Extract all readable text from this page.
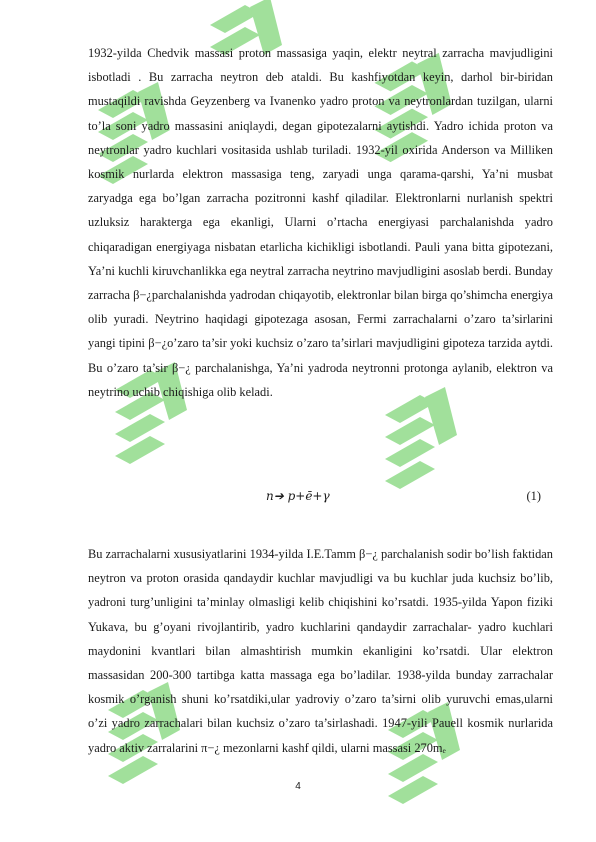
1932-yilda Chedvik massasi proton massasiga yaqin, elektr neytral zarracha mavjudligini isbotladi . Bu zarracha neytron deb ataldi. Bu kashfiyotdan keyin, darhol bir-biridan mustaqildi ravishda Geyzenberg va Ivanenko yadro proton va neytronlardan tuzilgan, ularni to’la soni yadro massasini aniqlaydi, degan gipotezalarni aytishdi. Yadro ichida proton va neytronlar yadro kuchlari vositasida ushlab turiladi. 1932-yil oxirida Anderson va Milliken kosmik nurlarda elektron massasiga teng, zaryadi unga qarama-qarshi, Ya’ni musbat zaryadga ega bo’lgan zarracha pozitronni kashf qiladilar. Elektronlarni nurlanish spektri uzluksiz harakterga ega ekanligi, Ularni o’rtacha energiyasi parchalanishda yadro chiqaradigan energiyaga nisbatan etarlicha kichikligi isbotlandi. Pauli yana bitta gipotezani, Ya’ni kuchli kiruvchanlikka ega neytral zarracha neytrino mavjudligini asoslab berdi. Bunday zarracha β−¿parchalanishda yadrodan chiqayotib, elektronlar bilan birga qo’shimcha energiya olib yuradi. Neytrino haqidagi gipotezaga asosan, Fermi zarrachalarni o’zaro ta’sirlarini yangi tipini β−¿o’zaro ta’sir yoki kuchsiz o’zaro ta’sirlari mavjudligini gipoteza tarzida aytdi. Bu o’zaro ta’sir β−¿ parchalanishga, Ya’ni yadroda neytronni protonga aylanib, elektron va neytrino uchib chiqishiga olib keladi.

n➔ p+ē+γ	(1)

Bu zarrachalarni xususiyatlarini 1934-yilda I.E.Tamm β−¿ parchalanish sodir bo’lish faktidan neytron va proton orasida qandaydir kuchlar mavjudligi va bu kuchlar juda kuchsiz bo’lib, yadroni turg’unligini ta’minlay olmasligi kelib chiqishini ko’rsatdi. 1935-yilda Yapon fiziki Yukava, bu g’oyani rivojlantirib, yadro kuchlarini qandaydir zarrachalar- yadro kuchlari maydonini kvantlari bilan almashtirish mumkin ekanligini ko’rsatdi. Ular elektron massasidan 200-300 tartibga katta massaga ega bo’ladilar. 1938-yilda bunday zarrachalar kosmik o’rganish shuni ko’rsatdiki,ular yadroviy o’zaro ta’sirni olib yuruvchi emas,ularni o’zi yadro zarrachalari bilan kuchsiz o’zaro ta’sirlashadi. 1947-yili Pauell kosmik nurlarida yadro aktiv zarralarini π−¿ mezonlarni kashf qildi, ularni massasi 270mₑ

4
